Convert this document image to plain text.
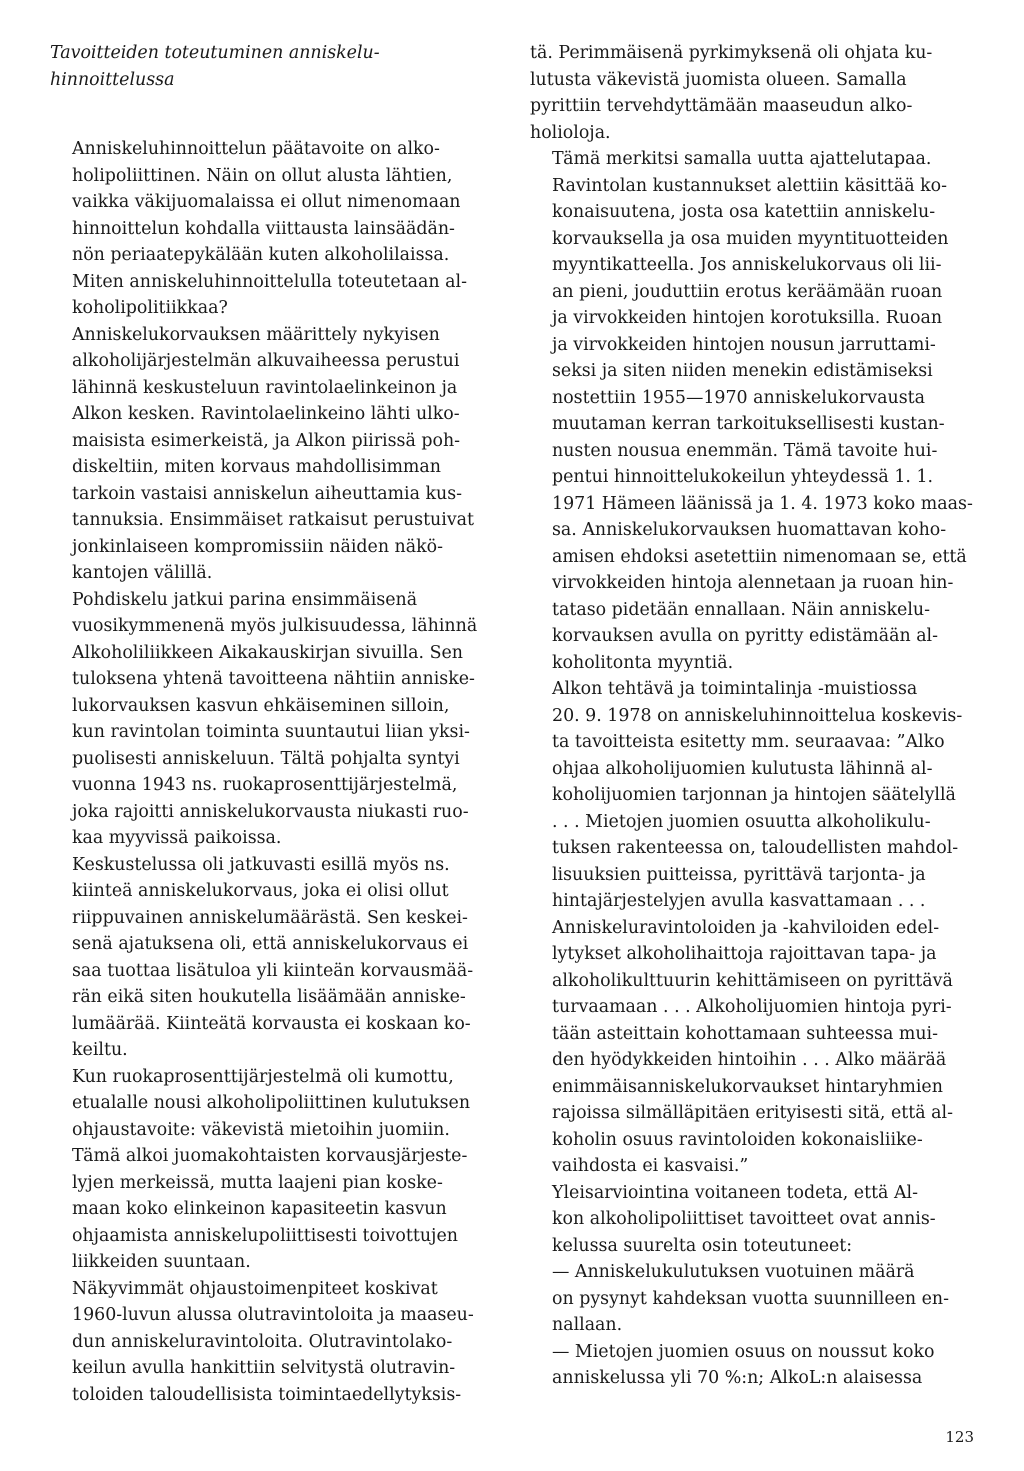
Tavoitteiden toteutuminen anniskelu-
hinnoittelussa

Anniskeluhinnoittelun päätavoite on alko-
holipoliittinen. Näin on ollut alusta lähtien,
vaikka väkijuomalaissa ei ollut nimenomaan
hinnoittelun kohdalla viittausta lainsäädän-
nön periaatepykälään kuten alkoholilaissa.
Miten anniskeluhinnoittelulla toteutetaan al-
koholipolitiikkaa?

Anniskelukorvauksen määrittely nykyisen
alkoholijärjestelmän alkuvaiheessa perustui
lähinnä keskusteluun ravintolaelinkeinon ja
Alkon kesken. Ravintolaelinkeino lähti ulko-
maisista esimerkeistä, ja Alkon piirissä poh-
diskeltiin, miten korvaus mahdollisimman
tarkoin vastaisi anniskelun aiheuttamia kus-
tannuksia. Ensimmäiset ratkaisut perustuivat
jonkinlaiseen kompromissiin näiden näkö-
kantojen välillä.

Pohdiskelu jatkui parina ensimmäisenä
vuosikymmenenä myös julkisuudessa, lähinnä
Alkoholiliikkeen Aikakauskirjan sivuilla. Sen
tuloksena yhtenä tavoitteena nähtiin anniske-
lukorvauksen kasvun ehkäiseminen silloin,
kun ravintolan toiminta suuntautui liian yksi-
puolisesti anniskeluun. Tältä pohjalta syntyi
vuonna 1943 ns. ruokaprosenttijärjestelmä,
joka rajoitti anniskelukorvausta niukasti ruo-
kaa myyvissä paikoissa.

Keskustelussa oli jatkuvasti esillä myös ns.
kiinteä anniskelukorvaus, joka ei olisi ollut
riippuvainen anniskelumäärästä. Sen keskei-
senä ajatuksena oli, että anniskelukorvaus ei
saa tuottaa lisätuloa yli kiinteän korvausmää-
rän eikä siten houkutella lisäämään anniske-
lumäärää. Kiinteätä korvausta ei koskaan ko-
keiltu.

Kun ruokaprosenttijärjestelmä oli kumottu,
etualalle nousi alkoholipoliittinen kulutuksen
ohjaustavoite: väkevistä mietoihin juomiin.
Tämä alkoi juomakohtaisten korvausjärjeste-
lyjen merkeissä, mutta laajeni pian koske-
maan koko elinkeinon kapasiteetin kasvun
ohjaamista anniskelupoliittisesti toivottujen
liikkeiden suuntaan.

Näkyvimmät ohjaustoimenpiteet koskivat
1960-luvun alussa olutravintoloita ja maaseu-
dun anniskeluravintoloita. Olutravintolako-
keilun avulla hankittiin selvitystä olutravin-
toloiden taloudellisista toimintaedellytyksis-

tä. Perimmäisenä pyrkimyksenä oli ohjata ku-
lutusta väkevistä juomista olueen. Samalla
pyrittiin tervehdyttämään maaseudun alko-
holioloja.

Tämä merkitsi samalla uutta ajattelutapaa.
Ravintolan kustannukset alettiin käsittää ko-
konaisuutena, josta osa katettiin anniskelu-
korvauksella ja osa muiden myyntituotteiden
myyntikatteella. Jos anniskelukorvaus oli lii-
an pieni, jouduttiin erotus keräämään ruoan
ja virvokkeiden hintojen korotuksilla. Ruoan
ja virvokkeiden hintojen nousun jarruttami-
seksi ja siten niiden menekin edistämiseksi
nostettiin 1955—1970 anniskelukorvausta
muutaman kerran tarkoituksellisesti kustan-
nusten nousua enemmän. Tämä tavoite hui-
pentui hinnoittelukokeilun yhteydessä 1. 1.
1971 Hämeen läänissä ja 1. 4. 1973 koko maas-
sa. Anniskelukorvauksen huomattavan koho-
amisen ehdoksi asetettiin nimenomaan se, että
virvokkeiden hintoja alennetaan ja ruoan hin-
tataso pidetään ennallaan. Näin anniskelu-
korvauksen avulla on pyritty edistämään al-
koholitonta myyntiä.

Alkon tehtävä ja toimintalinja -muistiossa
20. 9. 1978 on anniskeluhinnoittelua koskevis-
ta tavoitteista esitetty mm. seuraavaa: ”Alko
ohjaa alkoholijuomien kulutusta lähinnä al-
koholijuomien tarjonnan ja hintojen säätelyllä
. . . Mietojen juomien osuutta alkoholikulu-
tuksen rakenteessa on, taloudellisten mahdol-
lisuuksien puitteissa, pyrittävä tarjonta- ja
hintajärjestelyjen avulla kasvattamaan . . .
Anniskeluravintoloiden ja -kahviloiden edel-
lytykset alkoholihaittoja rajoittavan tapa- ja
alkoholikulttuurin kehittämiseen on pyrittävä
turvaamaan . . . Alkoholijuomien hintoja pyri-
tään asteittain kohottamaan suhteessa mui-
den hyödykkeiden hintoihin . . . Alko määrää
enimmäisanniskelukorvaukset hintaryhmien
rajoissa silmälläpitäen erityisesti sitä, että al-
koholin osuus ravintoloiden kokonaisliike-
vaihdosta ei kasvaisi.”

Yleisarviointina voitaneen todeta, että Al-
kon alkoholipoliittiset tavoitteet ovat annis-
kelussa suurelta osin toteutuneet:

— Anniskelukulutuksen vuotuinen määrä
on pysynyt kahdeksan vuotta suunnilleen en-
nallaan.

— Mietojen juomien osuus on noussut koko
anniskelussa yli 70 %:n; AlkoL:n alaisessa

123
